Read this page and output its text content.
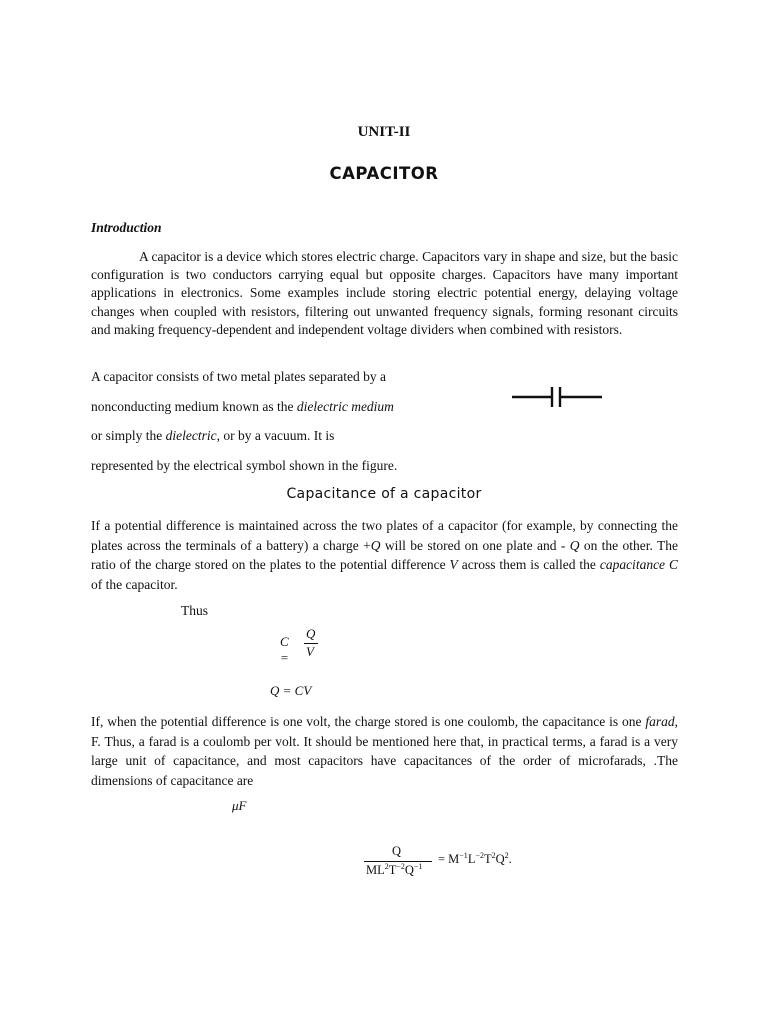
UNIT-II
CAPACITOR
Introduction
A capacitor is a device which stores electric charge. Capacitors vary in shape and size, but the basic configuration is two conductors carrying equal but opposite charges. Capacitors have many important applications in electronics. Some examples include storing electric potential energy, delaying voltage changes when coupled with resistors, filtering out unwanted frequency signals, forming resonant circuits and making frequency-dependent and independent voltage dividers when combined with resistors.
A capacitor consists of two metal plates separated by a
nonconducting medium known as the dielectric medium
or simply the dielectric, or by a vacuum. It is
represented by the electrical symbol shown in the figure.
Capacitance of a capacitor
If a potential difference is maintained across the two plates of a capacitor (for example, by connecting the plates across the terminals of a battery) a charge +Q will be stored on one plate and - Q on the other. The ratio of the charge stored on the plates to the potential difference V across them is called the capacitance C of the capacitor.
Thus
C =
Q
V
Q = CV
If, when the potential difference is one volt, the charge stored is one coulomb, the capacitance is one farad, F. Thus, a farad is a coulomb per volt. It should be mentioned here that, in practical terms, a farad is a very large unit of capacitance, and most capacitors have capacitances of the order of microfarads, .The dimensions of capacitance are
μF
Q
$ML^2T^{-2}Q^{-1}$
= $M^{-1}L^{-2}T^2Q^2$.
